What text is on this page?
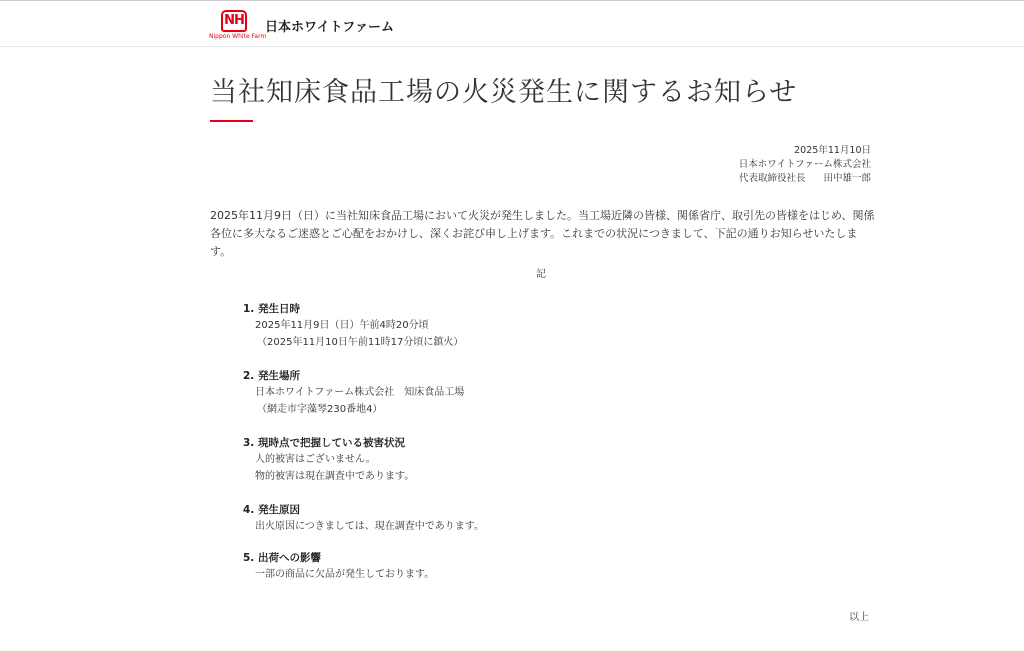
NH
Nippon White Farm
日本ホワイトファーム
当社知床食品工場の火災発生に関するお知らせ
2025年11月10日
日本ホワイトファーム株式会社
代表取締役社長 田中雄一郎

2025年11月9日（日）に当社知床食品工場において火災が発生しました。当工場近隣の皆様、関係省庁、取引先の皆様をはじめ、関係各位に多大なるご迷惑とご心配をおかけし、深くお詫び申し上げます。これまでの状況につきまして、下記の通りお知らせいたします。

記
1. 発生日時
2025年11月9日（日）午前4時20分頃
（2025年11月10日午前11時17分頃に鎮火）
2. 発生場所
日本ホワイトファーム株式会社　知床食品工場
（網走市字藻琴230番地4）
3. 現時点で把握している被害状況
人的被害はございません。
物的被害は現在調査中であります。
4. 発生原因
出火原因につきましては、現在調査中であります。
5. 出荷への影響
一部の商品に欠品が発生しております。
以上
